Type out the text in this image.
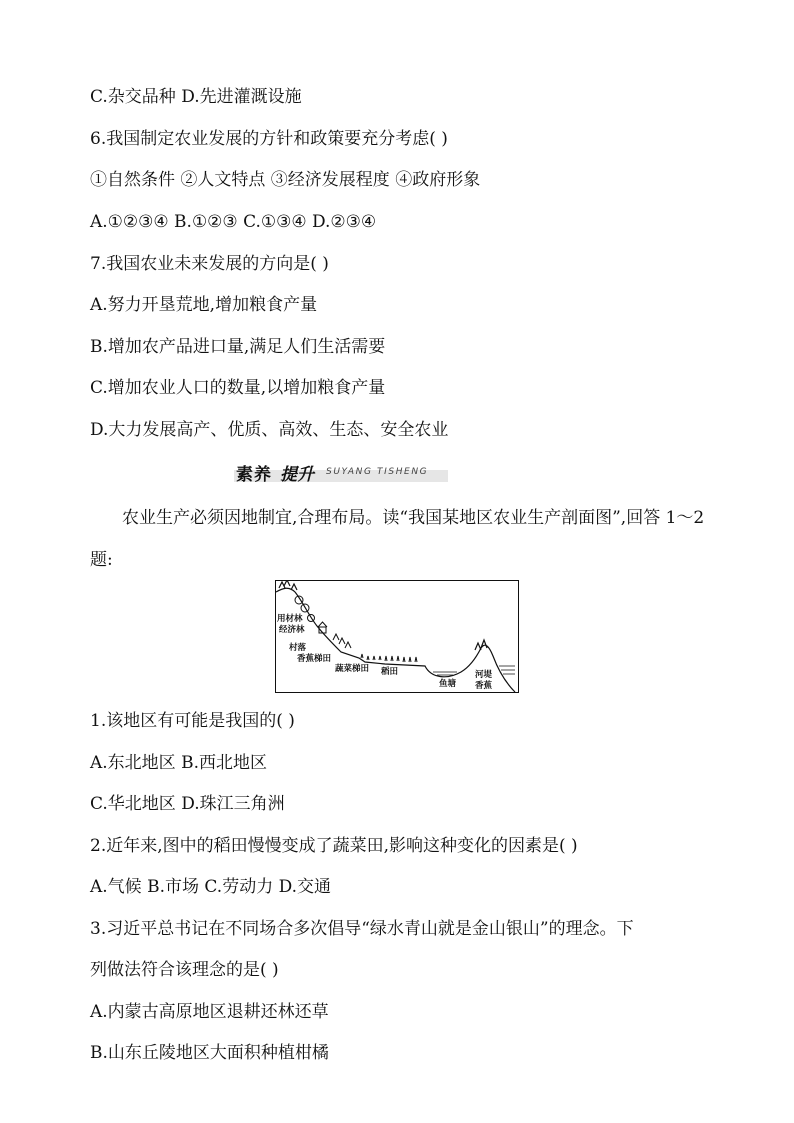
C.杂交品种 D.先进灌溉设施
6.我国制定农业发展的方针和政策要充分考虑( )
①自然条件 ②人文特点 ③经济发展程度 ④政府形象
A.①②③④ B.①②③ C.①③④ D.②③④
7.我国农业未来发展的方向是( )
A.努力开垦荒地,增加粮食产量
B.增加农产品进口量,满足人们生活需要
C.增加农业人口的数量,以增加粮食产量
D.大力发展高产、优质、高效、生态、安全农业
素养 提升 SUYANG TISHENG
农业生产必须因地制宜,合理布局。读“我国某地区农业生产剖面图”,回答 1～2 题:
用材林
经济林
村落
香蕉梯田
蔬菜梯田 稻田
鱼塘
河堤
香蕉
1.该地区有可能是我国的( )
A.东北地区 B.西北地区
C.华北地区 D.珠江三角洲
2.近年来,图中的稻田慢慢变成了蔬菜田,影响这种变化的因素是( )
A.气候 B.市场 C.劳动力 D.交通
3.习近平总书记在不同场合多次倡导“绿水青山就是金山银山”的理念。下
列做法符合该理念的是( )
A.内蒙古高原地区退耕还林还草
B.山东丘陵地区大面积种植柑橘
